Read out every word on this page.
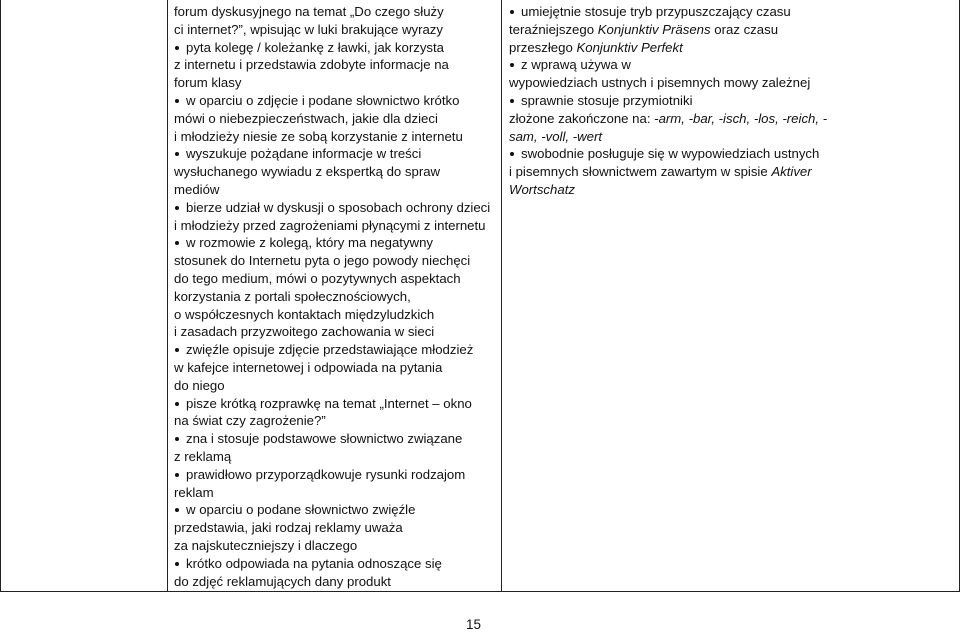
forum dyskusyjnego na temat „Do czego służy
ci internet?”, wpisując w luki brakujące wyrazy
pyta kolegę / koleżankę z ławki, jak korzysta
z internetu i przedstawia zdobyte informacje na
forum klasy
w oparciu o zdjęcie i podane słownictwo krótko
mówi o niebezpieczeństwach, jakie dla dzieci
i młodzieży niesie ze sobą korzystanie z internetu
wyszukuje pożądane informacje w treści
wysłuchanego wywiadu z ekspertką do spraw
mediów
bierze udział w dyskusji o sposobach ochrony dzieci
i młodzieży przed zagrożeniami płynącymi z internetu
w rozmowie z kolegą, który ma negatywny
stosunek do Internetu pyta o jego powody niechęci
do tego medium, mówi o pozytywnych aspektach
korzystania z portali społecznościowych,
o współczesnych kontaktach międzyludzkich
i zasadach przyzwoitego zachowania w sieci
zwięźle opisuje zdjęcie przedstawiające młodzież
w kafejce internetowej i odpowiada na pytania
do niego
pisze krótką rozprawkę na temat „Internet – okno
na świat czy zagrożenie?”
zna i stosuje podstawowe słownictwo związane
z reklamą
prawidłowo przyporządkowuje rysunki rodzajom
reklam
w oparciu o podane słownictwo zwięźle
przedstawia, jaki rodzaj reklamy uważa
za najskuteczniejszy i dlaczego
krótko odpowiada na pytania odnoszące się
do zdjęć reklamujących dany produkt
umiejętnie stosuje tryb przypuszczający czasu
teraźniejszego Konjunktiv Präsens oraz czasu
przeszłego Konjunktiv Perfekt
z wprawą używa w
wypowiedziach ustnych i pisemnych mowy zależnej
sprawnie stosuje przymiotniki
złożone zakończone na: -arm, -bar, -isch, -los, -reich, -
sam, -voll, -wert
swobodnie posługuje się w wypowiedziach ustnych
i pisemnych słownictwem zawartym w spisie Aktiver
Wortschatz
15
